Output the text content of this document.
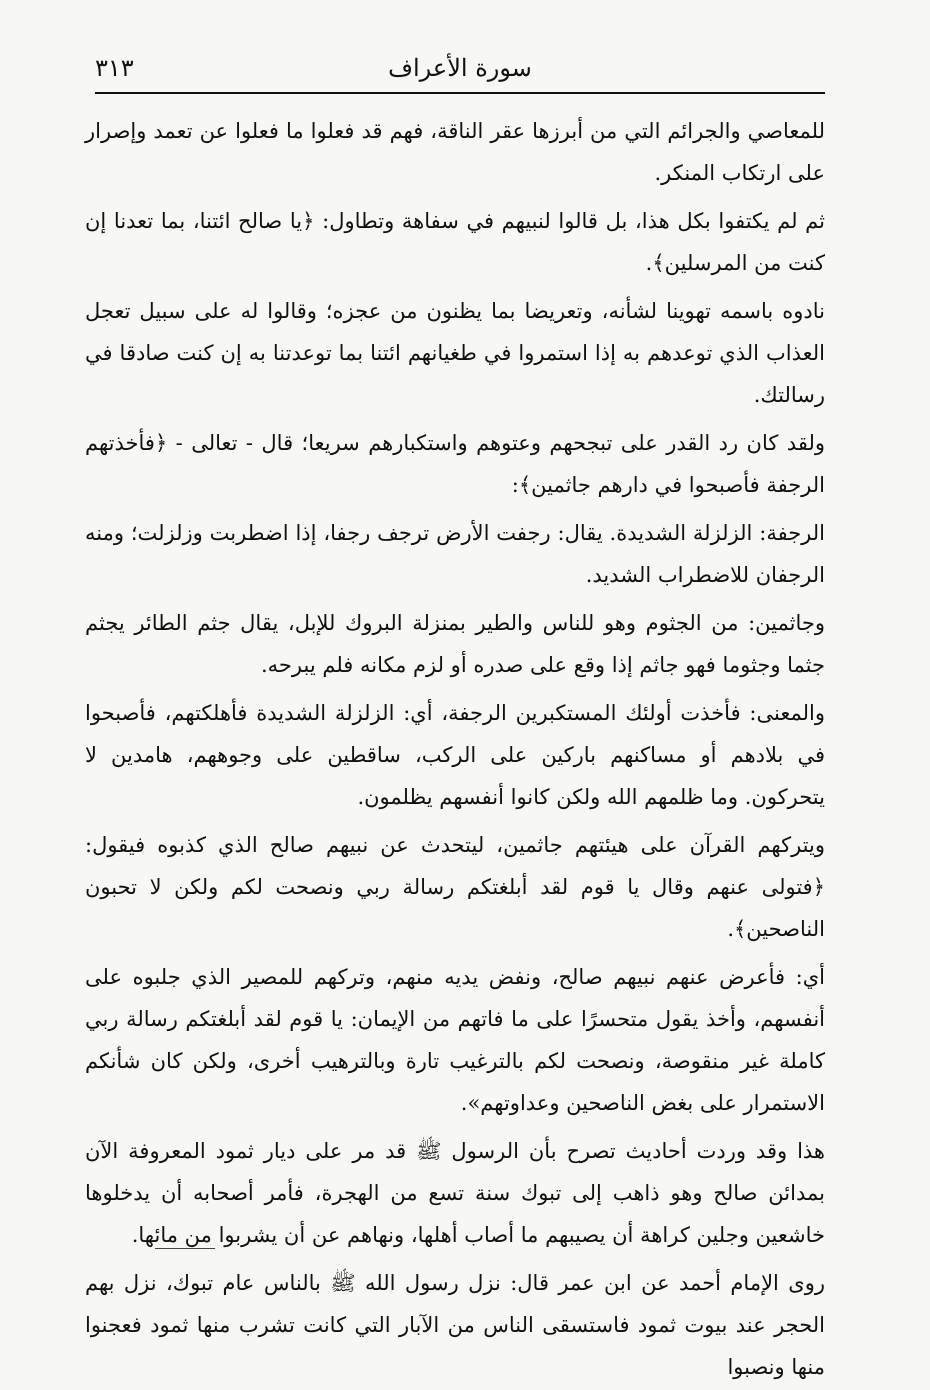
سورة الأعراف
٣١٣

للمعاصي والجرائم التي من أبرزها عقر الناقة، فهم قد فعلوا ما فعلوا عن تعمد وإصرار على ارتكاب المنكر.

ثم لم يكتفوا بكل هذا، بل قالوا لنبيهم في سفاهة وتطاول: ﴿يا صالح ائتنا، بما تعدنا إن كنت من المرسلين﴾.

نادوه باسمه تهوينا لشأنه، وتعريضا بما يظنون من عجزه؛ وقالوا له على سبيل تعجل العذاب الذي توعدهم به إذا استمروا في طغيانهم ائتنا بما توعدتنا به إن كنت صادقا في رسالتك.

ولقد كان رد القدر على تبجحهم وعتوهم واستكبارهم سريعا؛ قال - تعالى - ﴿فأخذتهم الرجفة فأصبحوا في دارهم جاثمين﴾:

الرجفة: الزلزلة الشديدة. يقال: رجفت الأرض ترجف رجفا، إذا اضطربت وزلزلت؛ ومنه الرجفان للاضطراب الشديد.

وجاثمين: من الجثوم وهو للناس والطير بمنزلة البروك للإبل، يقال جثم الطائر يجثم جثما وجثوما فهو جاثم إذا وقع على صدره أو لزم مكانه فلم يبرحه.

والمعنى: فأخذت أولئك المستكبرين الرجفة، أي: الزلزلة الشديدة فأهلكتهم، فأصبحوا في بلادهم أو مساكنهم باركين على الركب، ساقطين على وجوههم، هامدين لا يتحركون. وما ظلمهم الله ولكن كانوا أنفسهم يظلمون.

ويتركهم القرآن على هيئتهم جاثمين، ليتحدث عن نبيهم صالح الذي كذبوه فيقول: ﴿فتولى عنهم وقال يا قوم لقد أبلغتكم رسالة ربي ونصحت لكم ولكن لا تحبون الناصحين﴾.

أي: فأعرض عنهم نبيهم صالح، ونفض يديه منهم، وتركهم للمصير الذي جلبوه على أنفسهم، وأخذ يقول متحسرًا على ما فاتهم من الإيمان: يا قوم لقد أبلغتكم رسالة ربي كاملة غير منقوصة، ونصحت لكم بالترغيب تارة وبالترهيب أخرى، ولكن كان شأنكم الاستمرار على بغض الناصحين وعداوتهم».

هذا وقد وردت أحاديث تصرح بأن الرسول ﷺ قد مر على ديار ثمود المعروفة الآن بمدائن صالح وهو ذاهب إلى تبوك سنة تسع من الهجرة، فأمر أصحابه أن يدخلوها خاشعين وجلين كراهة أن يصيبهم ما أصاب أهلها، ونهاهم عن أن يشربوا من مائها.

روى الإمام أحمد عن ابن عمر قال: نزل رسول الله ﷺ بالناس عام تبوك، نزل بهم الحجر عند بيوت ثمود فاستسقى الناس من الآبار التي كانت تشرب منها ثمود فعجنوا منها ونصبوا
